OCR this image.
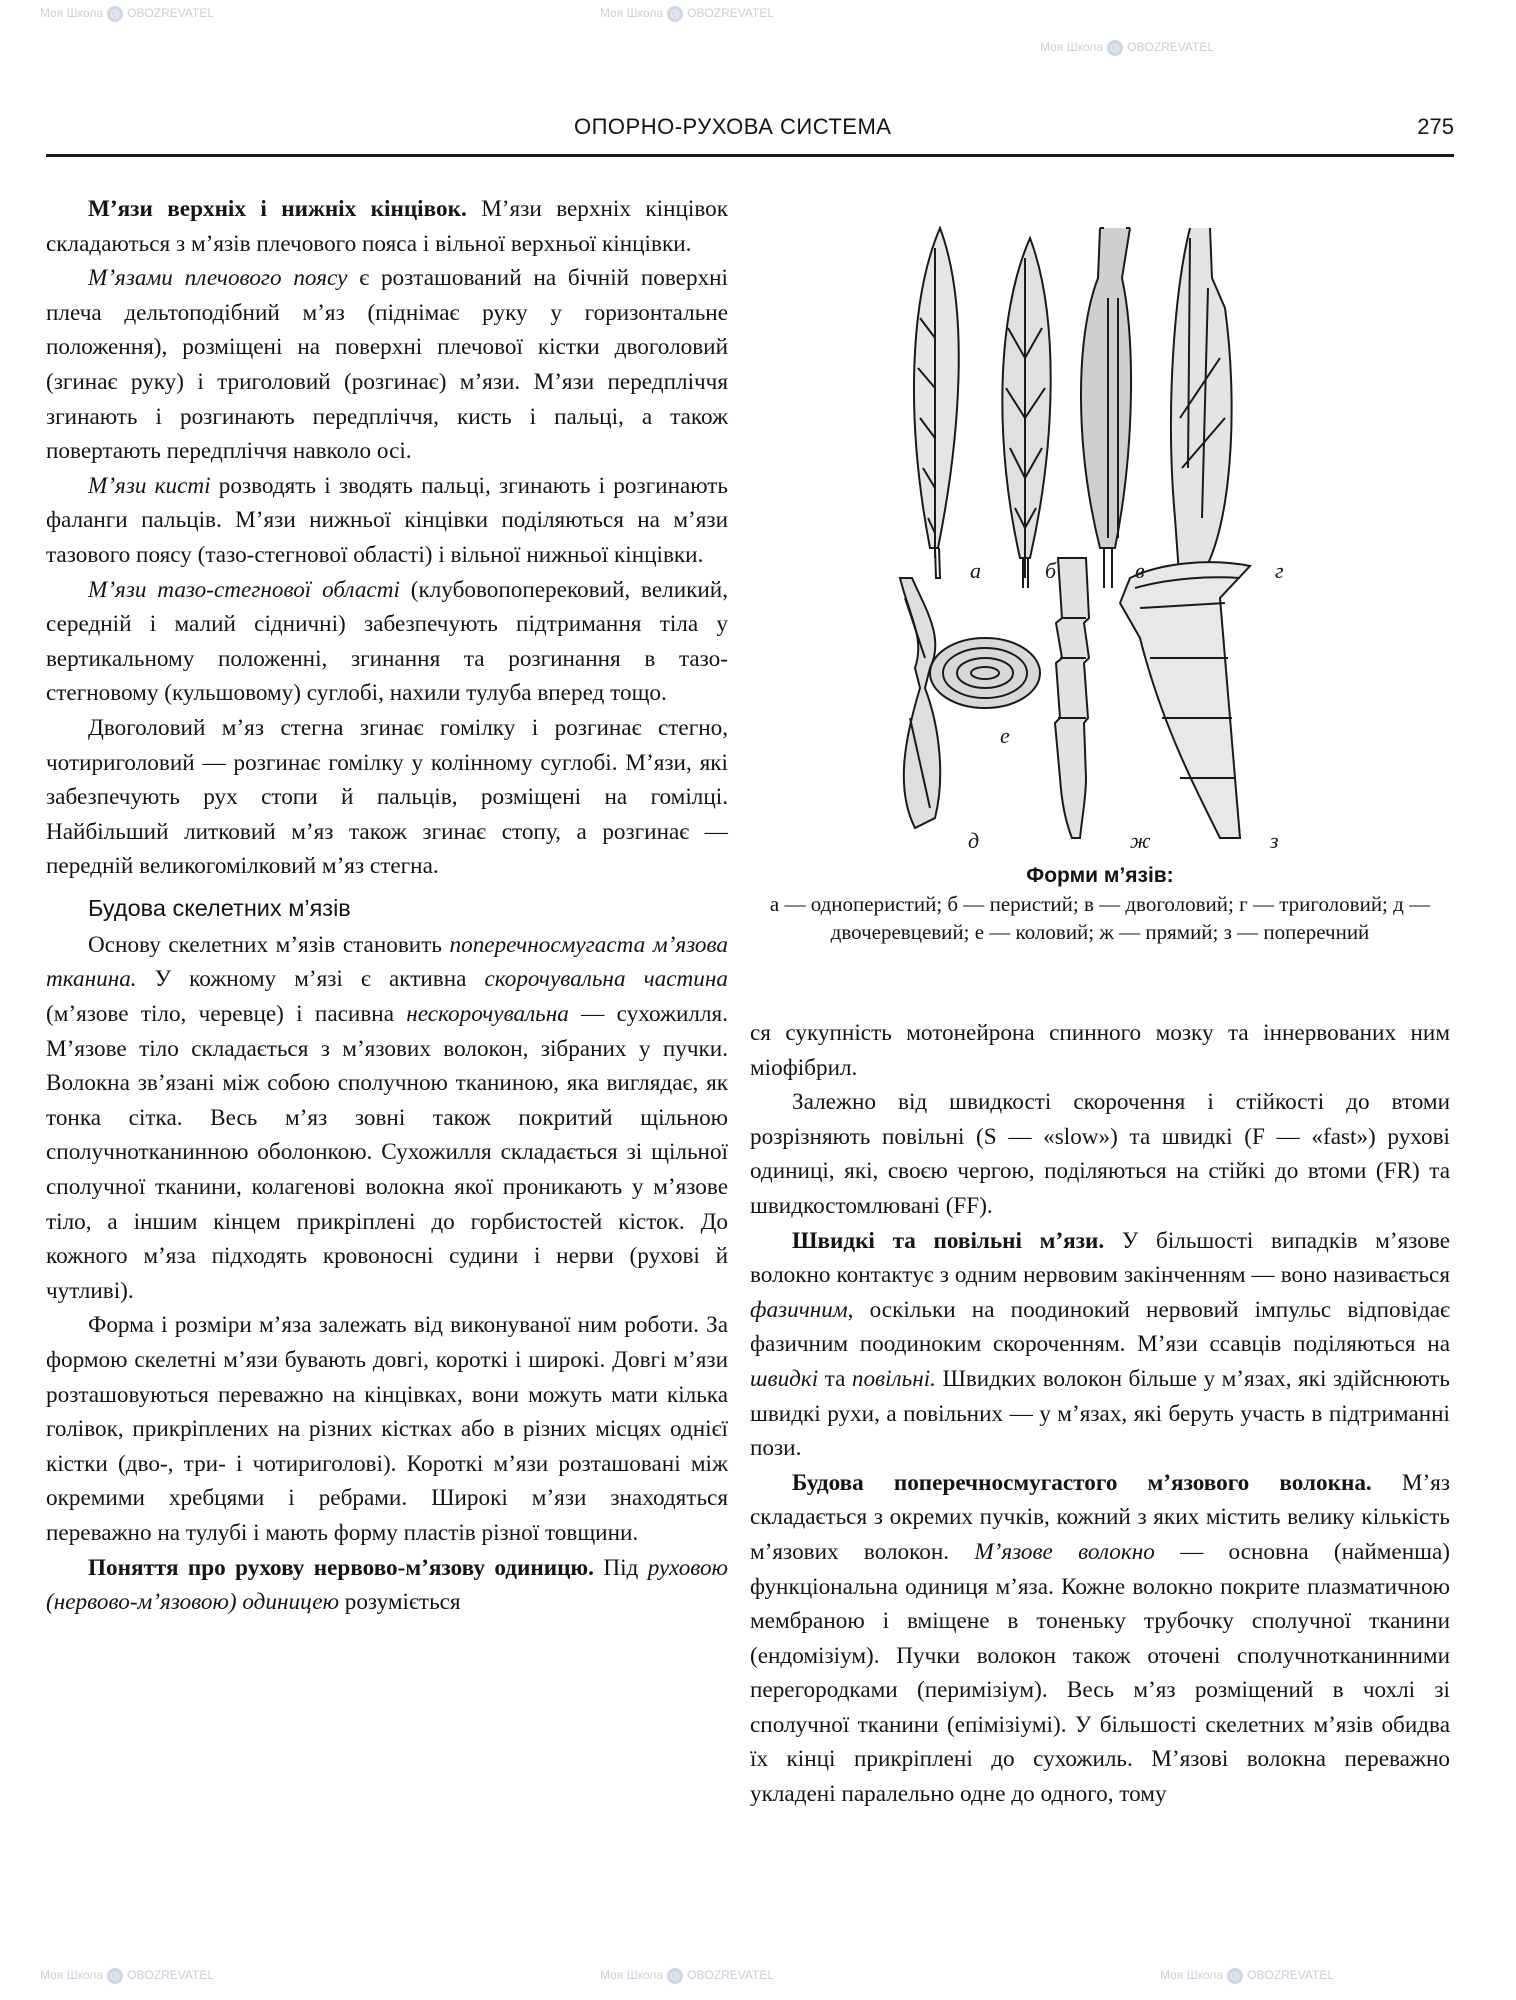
Моя Школа ◎ OBOZREVATEL	Моя Школа ◎ OBOZREVATEL
Моя Школа ◎ OBOZREVATEL
Моя Школа ◎ OBOZREVATEL	Моя Школа ◎ OBOZREVATEL	Моя Школа ◎ OBOZREVATEL
ОПОРНО-РУХОВА СИСТЕМА	275

М’язи верхніх і нижніх кінцівок. М’язи верхніх кінцівок складаються з м’язів плечового пояса і вільної верхньої кінцівки.

М’язами плечового поясу є розташований на бічній поверхні плеча дельтоподібний м’яз (піднімає руку у горизонтальне положення), розміщені на поверхні плечової кістки двоголовий (згинає руку) і триголовий (розгинає) м’язи. М’язи передпліччя згинають і розгинають передпліччя, кисть і пальці, а також повертають передпліччя навколо осі.

М’язи кисті розводять і зводять пальці, згинають і розгинають фаланги пальців. М’язи нижньої кінцівки поділяються на м’язи тазового поясу (тазо-стегнової області) і вільної нижньої кінцівки.

М’язи тазо-стегнової області (клубовопоперековий, великий, середній і малий сідничні) забезпечують підтримання тіла у вертикальному положенні, згинання та розгинання в тазо-стегновому (кульшовому) суглобі, нахили тулуба вперед тощо.

Двоголовий м’яз стегна згинає гомілку і розгинає стегно, чотириголовий — розгинає гомілку у колінному суглобі. М’язи, які забезпечують рух стопи й пальців, розміщені на гомілці. Найбільший литковий м’яз також згинає стопу, а розгинає — передній великогомілковий м’яз стегна.

Будова скелетних м’язів

Основу скелетних м’язів становить поперечносмугаста м’язова тканина. У кожному м’язі є активна скорочувальна частина (м’язове тіло, черевце) і пасивна нескорочувальна — сухожилля. М’язове тіло складається з м’язових волокон, зібраних у пучки. Волокна зв’язані між собою сполучною тканиною, яка виглядає, як тонка сітка. Весь м’яз зовні також покритий щільною сполучнотканинною оболонкою. Сухожилля складається зі щільної сполучної тканини, колагенові волокна якої проникають у м’язове тіло, а іншим кінцем прикріплені до горбистостей кісток. До кожного м’яза підходять кровоносні судини і нерви (рухові й чутливі).

Форма і розміри м’яза залежать від виконуваної ним роботи. За формою скелетні м’язи бувають довгі, короткі і широкі. Довгі м’язи розташовуються переважно на кінцівках, вони можуть мати кілька голівок, прикріплених на різних кістках або в різних місцях однієї кістки (дво-, три- і чотириголові). Короткі м’язи розташовані між окремими хребцями і ребрами. Широкі м’язи знаходяться переважно на тулубі і мають форму пластів різної товщини.

Поняття про рухову нервово-м’язову одиницю. Під руховою (нервово-м’язовою) одиницею розуміється

а	б	в	г
д
е
ж	з
Форми м’язів:
а — одноперистий; б — перистий; в — двоголовий; г — триголовий; д — двочеревцевий; е — коловий; ж — прямий; з — поперечний

ся сукупність мотонейрона спинного мозку та іннервованих ним міофібрил.

Залежно від швидкості скорочення і стійкості до втоми розрізняють повільні (S — «slow») та швидкі (F — «fast») рухові одиниці, які, своєю чергою, поділяються на стійкі до втоми (FR) та швидкостомлювані (FF).

Швидкі та повільні м’язи. У більшості випадків м’язове волокно контактує з одним нервовим закінченням — воно називається фазичним, оскільки на поодинокий нервовий імпульс відповідає фазичним поодиноким скороченням. М’язи ссавців поділяються на швидкі та повільні. Швидких волокон більше у м’язах, які здійснюють швидкі рухи, а повільних — у м’язах, які беруть участь в підтриманні пози.

Будова поперечносмугастого м’язового волокна. М’яз складається з окремих пучків, кожний з яких містить велику кількість м’язових волокон. М’язове волокно — основна (найменша) функціональна одиниця м’яза. Кожне волокно покрите плазматичною мембраною і вміщене в тоненьку трубочку сполучної тканини (ендомізіум). Пучки волокон також оточені сполучнотканинними перегородками (перимізіум). Весь м’яз розміщений в чохлі зі сполучної тканини (епімізіумі). У більшості скелетних м’язів обидва їх кінці прикріплені до сухожиль. М’язові волокна переважно укладені паралельно одне до одного, тому
